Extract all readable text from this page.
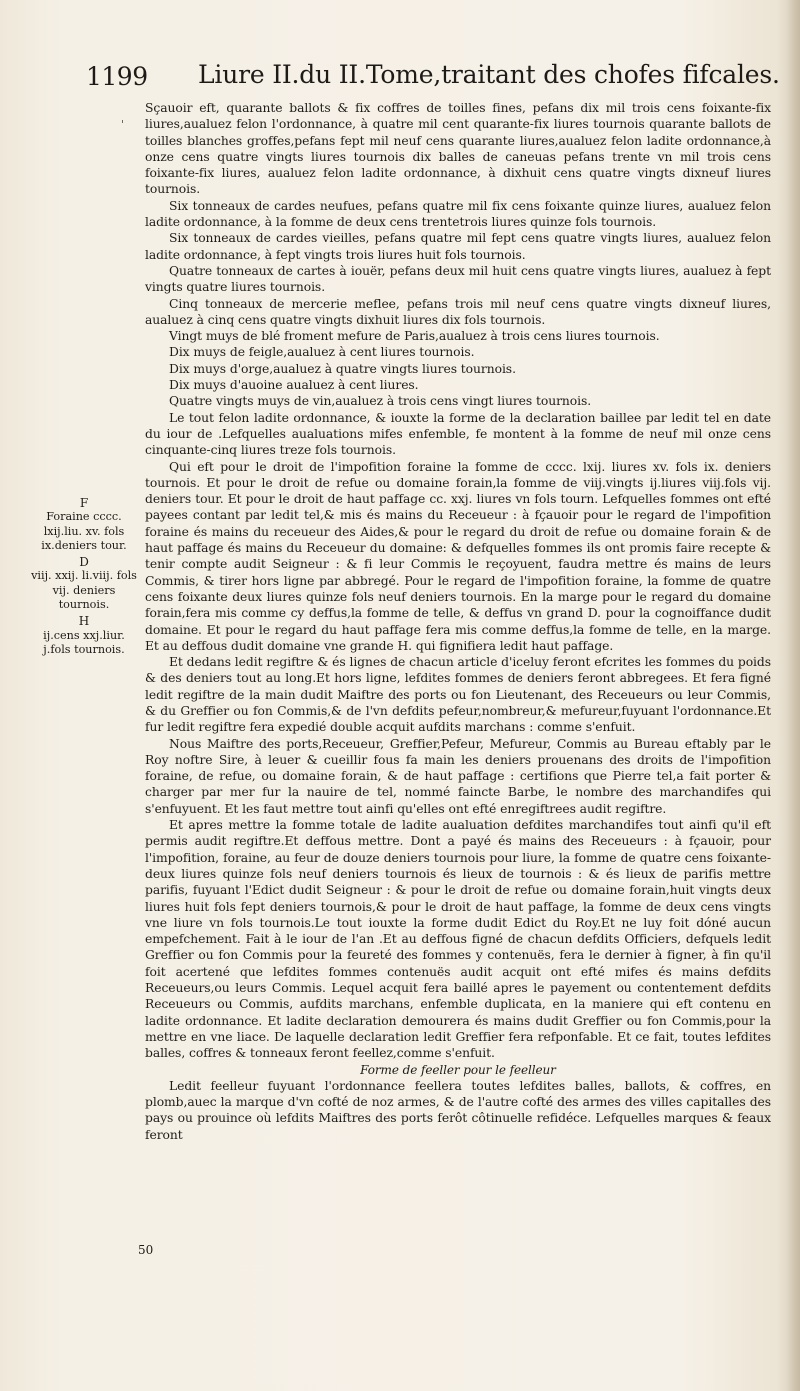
1199 Liure II.du II.Tome,traitant des chofes fifcales.
'

Sçauoir eft, quarante ballots & fix coffres de toilles fines, pefans dix mil trois cens foixante-fix liures,aualuez felon l'ordonnance, à quatre mil cent quarante-fix liures tournois quarante ballots de toilles blanches groffes,pefans fept mil neuf cens quarante liures,aualuez felon ladite ordonnance,à onze cens quatre vingts liures tournois dix balles de caneuas pefans trente vn mil trois cens foixante-fix liures, aualuez felon ladite ordonnance, à dixhuit cens quatre vingts dixneuf liures tournois.

Six tonneaux de cardes neufues, pefans quatre mil fix cens foixante quinze liures, aualuez felon ladite ordonnance, à la fomme de deux cens trentetrois liures quinze fols tournois.

Six tonneaux de cardes vieilles, pefans quatre mil fept cens quatre vingts liures, aualuez felon ladite ordonnance, à fept vingts trois liures huit fols tournois.

Quatre tonneaux de cartes à iouër, pefans deux mil huit cens quatre vingts liures, aualuez à fept vingts quatre liures tournois.

Cinq tonneaux de mercerie meflee, pefans trois mil neuf cens quatre vingts dixneuf liures, aualuez à cinq cens quatre vingts dixhuit liures dix fols tournois.

Vingt muys de blé froment mefure de Paris,aualuez à trois cens liures tournois.

Dix muys de feigle,aualuez à cent liures tournois.

Dix muys d'orge,aualuez à quatre vingts liures tournois.

Dix muys d'auoine aualuez à cent liures.

Quatre vingts muys de vin,aualuez à trois cens vingt liures tournois.

Le tout felon ladite ordonnance, & iouxte la forme de la declaration baillee par ledit tel en date du iour de .Lefquelles aualuations mifes enfemble, fe montent à la fomme de neuf mil onze cens cinquante-cinq liures treze fols tournois.

Qui eft pour le droit de l'impofition foraine la fomme de cccc. lxij. liures xv. fols ix. deniers tournois. Et pour le droit de refue ou domaine forain,la fomme de viij.vingts ij.liures viij.fols vij. deniers tour. Et pour le droit de haut paffage cc. xxj. liures vn fols tourn. Lefquelles fommes ont efté payees contant par ledit tel,& mis és mains du Receueur : à fçauoir pour le regard de l'impofition foraine és mains du receueur des Aides,& pour le regard du droit de refue ou domaine forain & de haut paffage és mains du Receueur du domaine: & defquelles fommes ils ont promis faire recepte & tenir compte audit Seigneur : & fi leur Commis le reçoyuent, faudra mettre és mains de leurs Commis, & tirer hors ligne par abbregé. Pour le regard de l'impofition foraine, la fomme de quatre cens foixante deux liures quinze fols neuf deniers tournois. En la marge pour le regard du domaine forain,fera mis comme cy deffus,la fomme de telle, & deffus vn grand D. pour la cognoiffance dudit domaine. Et pour le regard du haut paffage fera mis comme deffus,la fomme de telle, en la marge. Et au deffous dudit domaine vne grande H. qui fignifiera ledit haut paffage.

Et dedans ledit regiftre & és lignes de chacun article d'iceluy feront efcrites les fommes du poids & des deniers tout au long.Et hors ligne, lefdites fommes de deniers feront abbregees. Et fera figné ledit regiftre de la main dudit Maiftre des ports ou fon Lieutenant, des Receueurs ou leur Commis, & du Greffier ou fon Commis,& de l'vn defdits pefeur,nombreur,& mefureur,fuyuant l'ordonnance.Et fur ledit regiftre fera expedié double acquit aufdits marchans : comme s'enfuit.

Nous Maiftre des ports,Receueur, Greffier,Pefeur, Mefureur, Commis au Bureau eftably par le Roy noftre Sire, à leuer & cueillir fous fa main les deniers prouenans des droits de l'impofition foraine, de refue, ou domaine forain, & de haut paffage : certifions que Pierre tel,a fait porter & charger par mer fur la nauire de tel, nommé faincte Barbe, le nombre des marchandifes qui s'enfuyuent. Et les faut mettre tout ainfi qu'elles ont efté enregiftrees audit regiftre.

Et apres mettre la fomme totale de ladite aualuation defdites marchandifes tout ainfi qu'il eft permis audit regiftre.Et deffous mettre. Dont a payé és mains des Receueurs : à fçauoir, pour l'impofition, foraine, au feur de douze deniers tournois pour liure, la fomme de quatre cens foixante-deux liures quinze fols neuf deniers tournois és lieux de tournois : & és lieux de parifis mettre parifis, fuyuant l'Edict dudit Seigneur : & pour le droit de refue ou domaine forain,huit vingts deux liures huit fols fept deniers tournois,& pour le droit de haut paffage, la fomme de deux cens vingts vne liure vn fols tournois.Le tout iouxte la forme dudit Edict du Roy.Et ne luy foit dóné aucun empefchement. Fait à le iour de l'an .Et au deffous figné de chacun defdits Officiers, defquels ledit Greffier ou fon Commis pour la feureté des fommes y contenuës, fera le dernier à figner, à fin qu'il foit acertené que lefdites fommes contenuës audit acquit ont efté mifes és mains defdits Receueurs,ou leurs Commis. Lequel acquit fera baillé apres le payement ou contentement defdits Receueurs ou Commis, aufdits marchans, enfemble duplicata, en la maniere qui eft contenu en ladite ordonnance. Et ladite declaration demourera és mains dudit Greffier ou fon Commis,pour la mettre en vne liace. De laquelle declaration ledit Greffier fera refponfable. Et ce fait, toutes lefdites balles, coffres & tonneaux feront feellez,comme s'enfuit.

Forme de feeller pour le feelleur

Ledit feelleur fuyuant l'ordonnance feellera toutes lefdites balles, ballots, & coffres, en plomb,auec la marque d'vn cofté de noz armes, & de l'autre cofté des armes des villes capitalles des pays ou prouince où lefdits Maiftres des ports ferôt côtinuelle refidéce. Lefquelles marques & feaux feront

F
Foraine cccc. lxij.liu. xv. fols ix.deniers tour.
D
viij. xxij. li.viij. fols vij. deniers tournois.
H
ij.cens xxj.liur. j.fols tournois.
50
